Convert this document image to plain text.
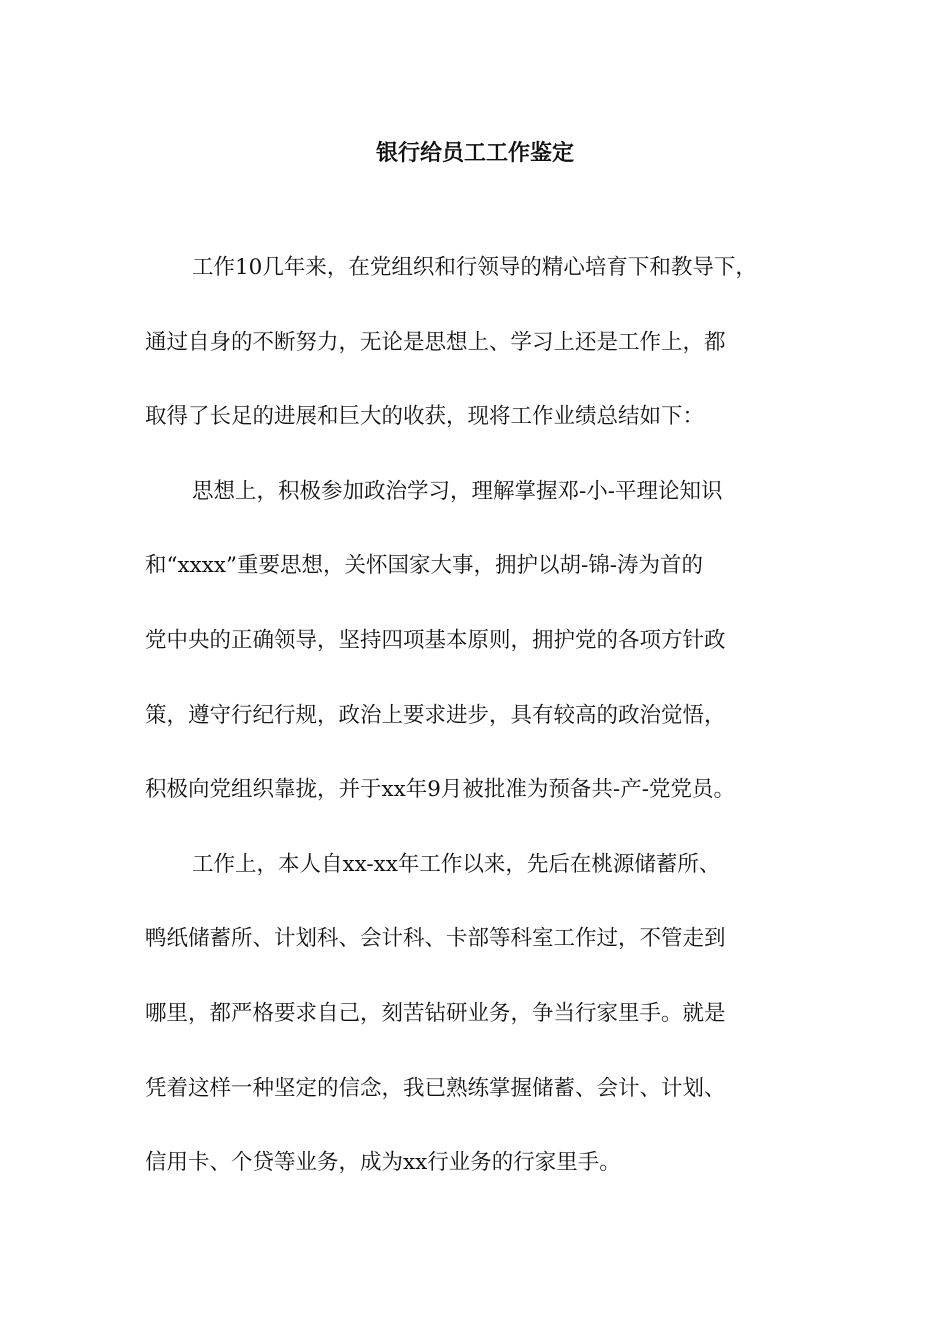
银行给员工工作鉴定
工作10几年来，在党组织和行领导的精心培育下和教导下，
通过自身的不断努力，无论是思想上、学习上还是工作上，都
取得了长足的进展和巨大的收获，现将工作业绩总结如下：
思想上，积极参加政治学习，理解掌握邓-小-平理论知识
和“xxxx”重要思想，关怀国家大事，拥护以胡-锦-涛为首的
党中央的正确领导，坚持四项基本原则，拥护党的各项方针政
策，遵守行纪行规，政治上要求进步，具有较高的政治觉悟，
积极向党组织靠拢，并于xx年9月被批准为预备共-产-党党员。
工作上，本人自xx-xx年工作以来，先后在桃源储蓄所、
鸭纸储蓄所、计划科、会计科、卡部等科室工作过，不管走到
哪里，都严格要求自己，刻苦钻研业务，争当行家里手。就是
凭着这样一种坚定的信念，我已熟练掌握储蓄、会计、计划、
信用卡、个贷等业务，成为xx行业务的行家里手。
